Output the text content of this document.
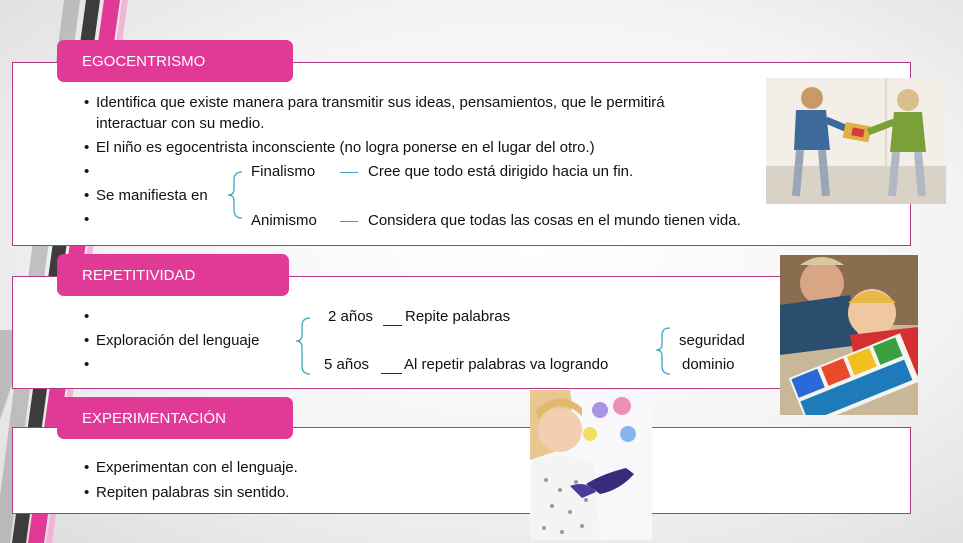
EGOCENTRISMO
• Identifica que existe manera para transmitir sus ideas, pensamientos, que le permitirá
interactuar con su medio.
• El niño es egocentrista inconsciente (no logra ponerse en el lugar del otro.)
•
• Se manifiesta en
•
Finalismo	Cree que todo está dirigido hacia un fin.
Animismo	Considera que todas las cosas en el mundo tienen vida.
REPETITIVIDAD
•
• Exploración del lenguaje
•
2 años Repite palabras
5 años Al repetir palabras va logrando
seguridad
dominio
EXPERIMENTACIÓN
• Experimentan con el lenguaje.
• Repiten palabras sin sentido.
